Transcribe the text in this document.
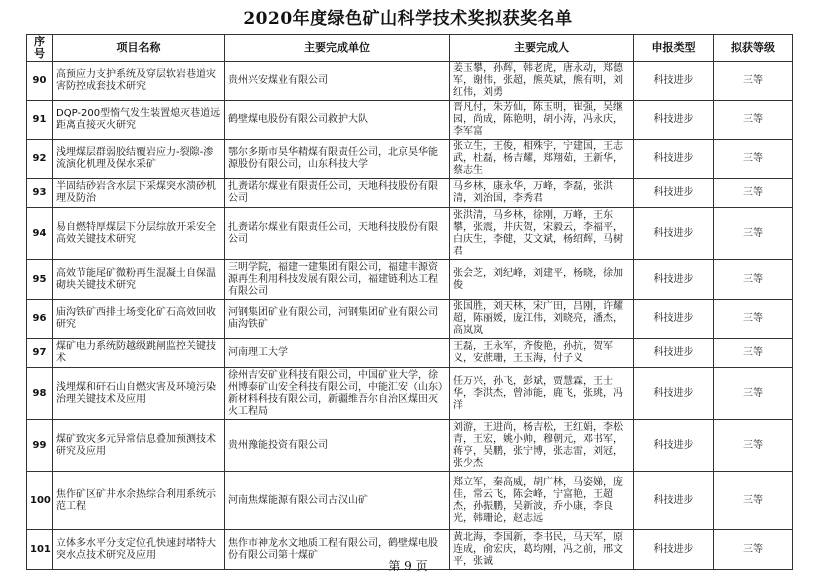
2020年度绿色矿山科学技术奖拟获奖名单
序号	项目名称	主要完成单位	主要完成人	申报类型	拟获等级
90	高预应力支护系统及穿层软岩巷道灾害防控成套技术研究	贵州兴安煤业有限公司	姜玉攀，孙辉，韩老虎，唐永动，郑德军，谢伟，张超，熊英斌，熊有明，刘红伟，刘勇	科技进步	三等
91	DQP-200型惰气发生装置熄灭巷道远距离直接灭火研究	鹤壁煤电股份有限公司救护大队	晋凡付，朱芳仙，陈玉明，崔强，吴继园，尚成，陈艳明，胡小涛，冯永庆，李军富	科技进步	三等
92	浅埋煤层群弱胶结覆岩应力-裂隙-渗流演化机理及保水采矿	鄂尔多斯市昊华精煤有限责任公司，北京昊华能源股份有限公司，山东科技大学	张立生，王俊，相殊宇，宁建国，王志武，杜磊，杨吉耀，郑翔茹，王新华，蔡志生	科技进步	三等
93	半固结砂岩含水层下采煤突水溃砂机理及防治	扎赉诺尔煤业有限责任公司，天地科技股份有限公司	马乡林，康永华，万峰，李磊，张洪清，刘治国，李秀君	科技进步	三等
94	易自燃特厚煤层下分层综放开采安全高效关键技术研究	扎赉诺尔煤业有限责任公司，天地科技股份有限公司	张洪清，马乡林，徐刚，万峰，王东攀，张震，井庆贺，宋毅云，李福平，白庆生，李健，艾文斌，杨绍辉，马树君	科技进步	三等
95	高效节能尾矿微粉再生混凝土自保温砌块关键技术研究	三明学院，福建一建集团有限公司，福建丰源资源再生利用科技发展有限公司，福建链利达工程有限公司	张会芝，刘纪峰，刘建平，杨晓，徐加俊	科技进步	三等
96	庙沟铁矿西排土场变化矿石高效回收研究	河钢集团矿业有限公司，河钢集团矿业有限公司庙沟铁矿	张国胜，刘天林，宋广田，吕刚，许耀超，陈丽媛，庞江伟，刘晓亮，潘杰，高岚岚	科技进步	三等
97	煤矿电力系统防越级跳闸监控关键技术	河南理工大学	王磊，王永军，齐俊艳，孙抗，贺军义，安蔗珊，王玉海，付子义	科技进步	三等
98	浅埋煤和矸石山自燃灾害及环境污染治理关键技术及应用	徐州吉安矿业科技有限公司，中国矿业大学，徐州博泰矿山安全科技有限公司，中能汇安（山东）新材料科技有限公司，新疆维吾尔自治区煤田灭火工程局	任万兴，孙飞，彭斌，贾慧霖，王士华，李洪杰，曾沛能，鹿飞，张珧，冯洋	科技进步	三等
99	煤矿致灾多元异常信息叠加预测技术研究及应用	贵州豫能投资有限公司	刘游，王进尚，杨吉松，王红娟，李松青，王宏，姚小帅，穆朝元，邓书军，蒋亨，吴鹏，张宁博，张志雷，刘冠，张少杰	科技进步	三等
100	焦作矿区矿井水余热综合利用系统示范工程	河南焦煤能源有限公司古汉山矿	郑立军，秦高威，胡广林，马姿娣，庞佳，常云飞，陈会峰，宁富艳，王超杰，孙振鹏，吴新波，乔小康，李良光，韩珊论，赵志远	科技进步	三等
101	立体多水平分支定位孔快速封堵特大突水点技术研究及应用	焦作市神龙水文地质工程有限公司，鹤壁煤电股份有限公司第十煤矿	黄北海，李国新，李书民，马天军，原连成，俞宏庆，葛均刚，冯之前，邢文平，张诚	科技进步	三等
第 9 页
